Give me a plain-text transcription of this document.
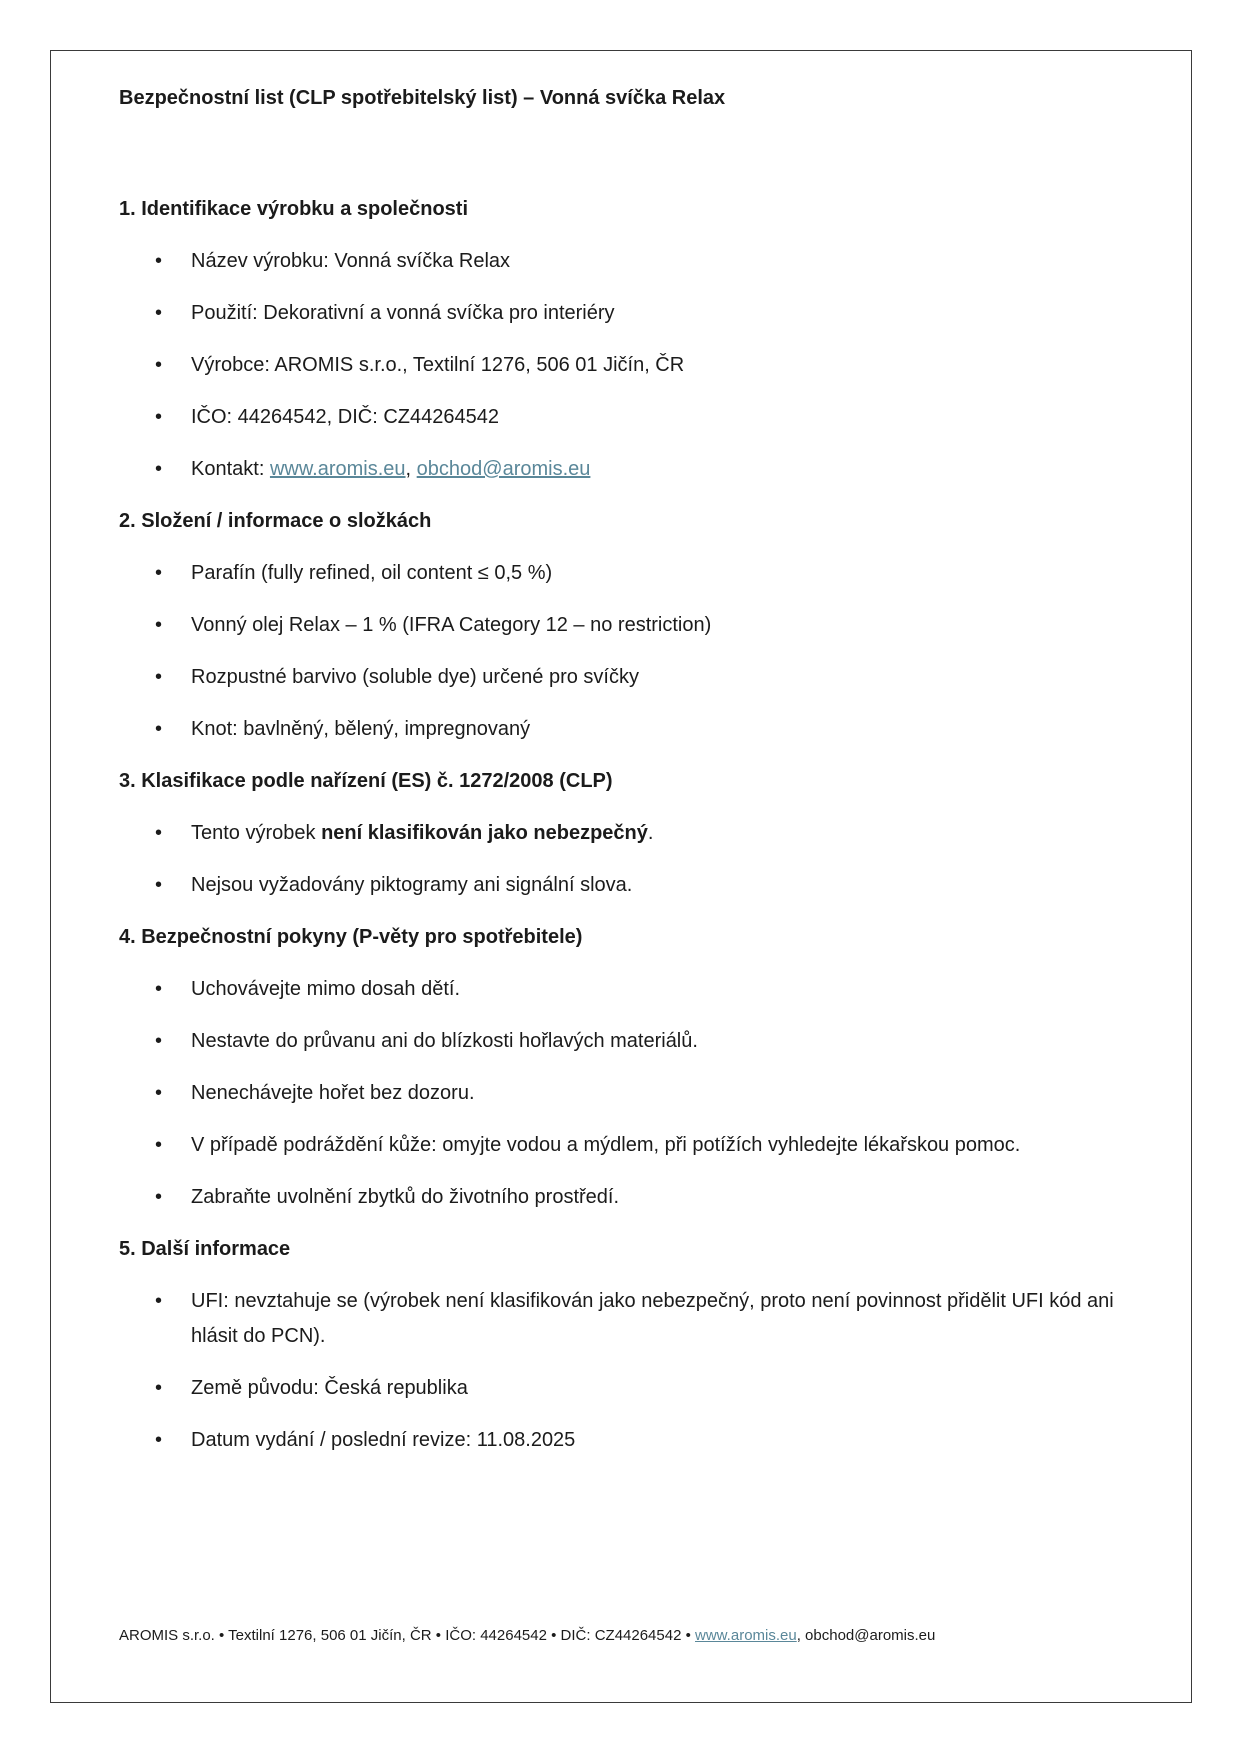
Bezpečnostní list (CLP spotřebitelský list) – Vonná svíčka Relax

1. Identifikace výrobku a společnosti

• Název výrobku: Vonná svíčka Relax
• Použití: Dekorativní a vonná svíčka pro interiéry
• Výrobce: AROMIS s.r.o., Textilní 1276, 506 01 Jičín, ČR
• IČO: 44264542, DIČ: CZ44264542
• Kontakt: www.aromis.eu, obchod@aromis.eu

2. Složení / informace o složkách

• Parafín (fully refined, oil content ≤ 0,5 %)
• Vonný olej Relax – 1 % (IFRA Category 12 – no restriction)
• Rozpustné barvivo (soluble dye) určené pro svíčky
• Knot: bavlněný, bělený, impregnovaný

3. Klasifikace podle nařízení (ES) č. 1272/2008 (CLP)

• Tento výrobek není klasifikován jako nebezpečný.
• Nejsou vyžadovány piktogramy ani signální slova.

4. Bezpečnostní pokyny (P-věty pro spotřebitele)

• Uchovávejte mimo dosah dětí.
• Nestavte do průvanu ani do blízkosti hořlavých materiálů.
• Nenechávejte hořet bez dozoru.
• V případě podráždění kůže: omyjte vodou a mýdlem, při potížích vyhledejte lékařskou pomoc.
• Zabraňte uvolnění zbytků do životního prostředí.

5. Další informace

• UFI: nevztahuje se (výrobek není klasifikován jako nebezpečný, proto není povinnost přidělit UFI kód ani hlásit do PCN).
• Země původu: Česká republika
• Datum vydání / poslední revize: 11.08.2025
AROMIS s.r.o. • Textilní 1276, 506 01 Jičín, ČR • IČO: 44264542 • DIČ: CZ44264542 • www.aromis.eu, obchod@aromis.eu
